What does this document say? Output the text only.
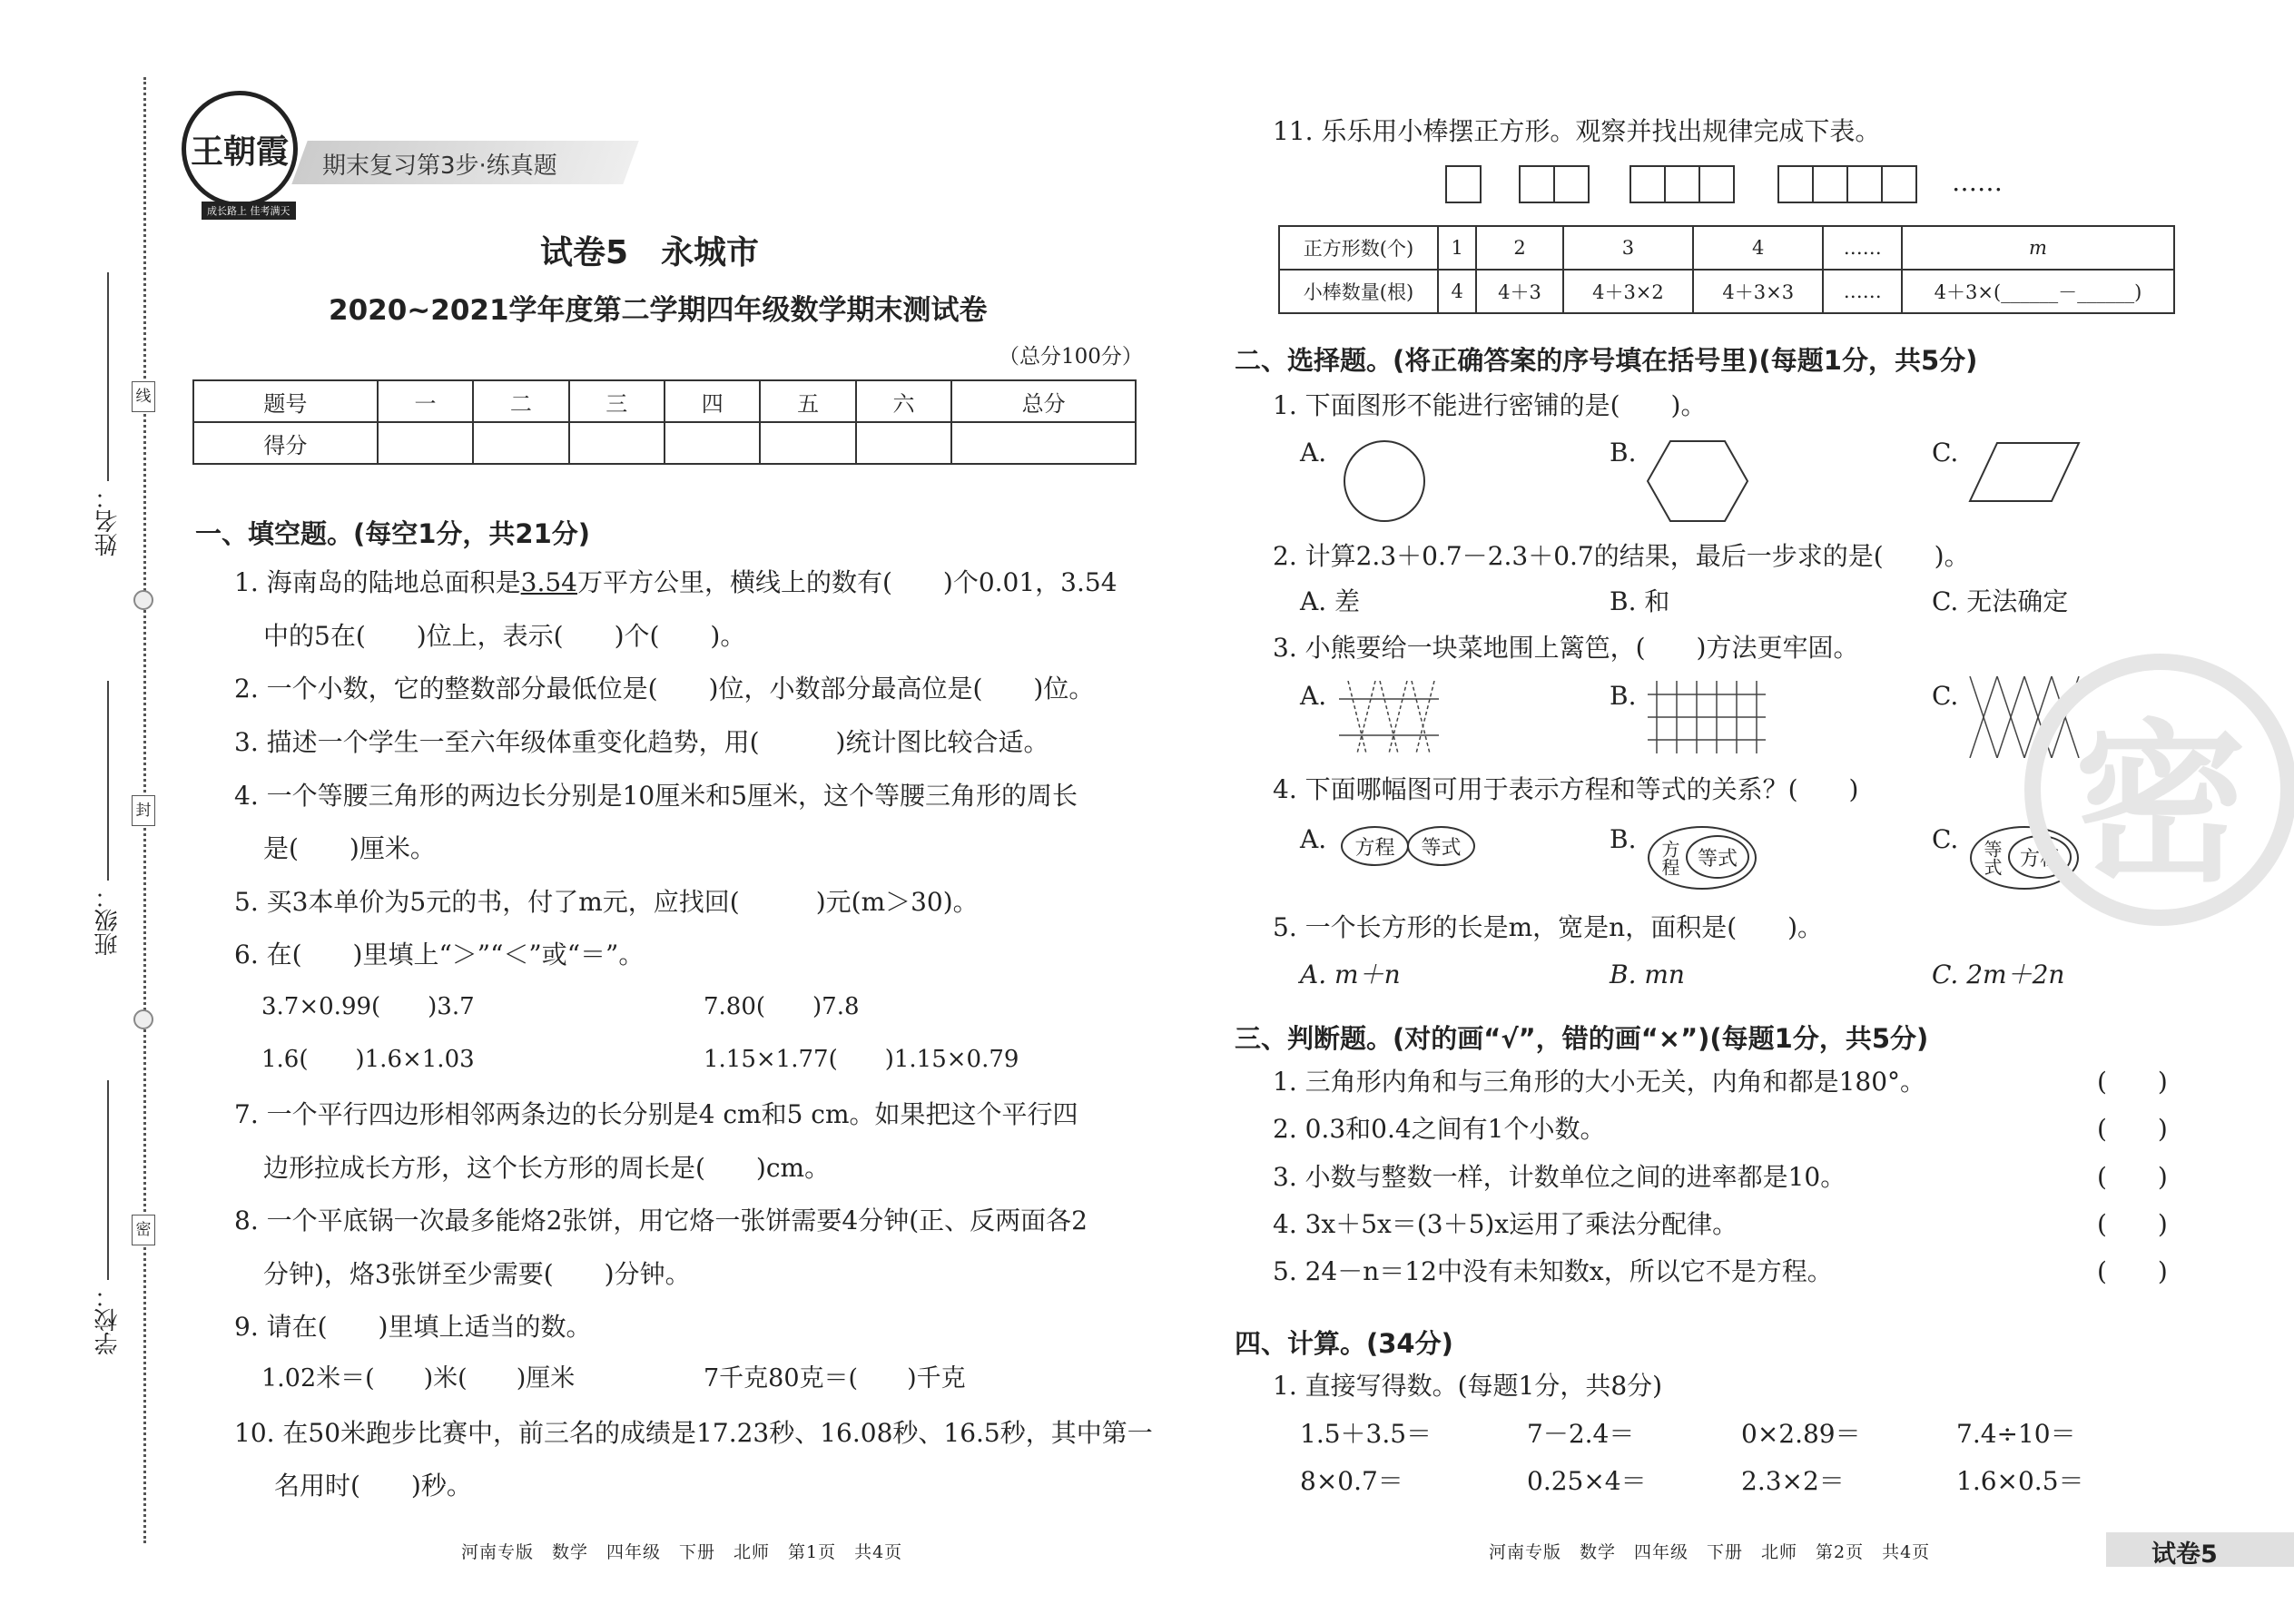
线
封
密
姓名：
班级：
学校：
王朝霞
成长路上 佳考满天
期末复习第3步·练真题
试卷5　永城市
2020~2021学年度第二学期四年级数学期末测试卷
（总分100分）
题号	一	二	三	四	五	六	总分
得分							
一、填空题。(每空1分，共21分)
1. 海南岛的陆地总面积是3.54万平方公里，横线上的数有(　　)个0.01，3.54
中的5在(　　)位上，表示(　　)个(　　)。
2. 一个小数，它的整数部分最低位是(　　)位，小数部分最高位是(　　)位。
3. 描述一个学生一至六年级体重变化趋势，用(　　　)统计图比较合适。
4. 一个等腰三角形的两边长分别是10厘米和5厘米，这个等腰三角形的周长
是(　　)厘米。
5. 买3本单价为5元的书，付了m元，应找回(　　　)元(m＞30)。
6. 在(　　)里填上“＞”“＜”或“＝”。
3.7×0.99(　　)3.7	7.80(　　)7.8
1.6(　　)1.6×1.03	1.15×1.77(　　)1.15×0.79
7. 一个平行四边形相邻两条边的长分别是4 cm和5 cm。如果把这个平行四
边形拉成长方形，这个长方形的周长是(　　)cm。
8. 一个平底锅一次最多能烙2张饼，用它烙一张饼需要4分钟(正、反两面各2
分钟)，烙3张饼至少需要(　　)分钟。
9. 请在(　　)里填上适当的数。
1.02米＝(　　)米(　　)厘米	7千克80克＝(　　)千克
10. 在50米跑步比赛中，前三名的成绩是17.23秒、16.08秒、16.5秒，其中第一
名用时(　　)秒。
河南专版　数学　四年级　下册　北师　第1页　共4页
11. 乐乐用小棒摆正方形。观察并找出规律完成下表。
……
正方形数(个)	1	2	3	4	……	m
小棒数量(根)	4	4＋3	4＋3×2	4＋3×3	……	4＋3×(______－______)
二、选择题。(将正确答案的序号填在括号里)(每题1分，共5分)
1. 下面图形不能进行密铺的是(　　)。
A.	B.	C.
2. 计算2.3＋0.7－2.3＋0.7的结果，最后一步求的是(　　)。
A. 差	B. 和	C. 无法确定
3. 小熊要给一块菜地围上篱笆，(　　)方法更牢固。
A.	B.	C.
4. 下面哪幅图可用于表示方程和等式的关系？(　　)
A.	B.	C.
方程	等式	方程 等式	等式 方程
5. 一个长方形的长是m，宽是n，面积是(　　)。
A. m＋n	B. mn	C. 2m＋2n
三、判断题。(对的画“√”，错的画“×”)(每题1分，共5分)
1. 三角形内角和与三角形的大小无关，内角和都是180°。	(　　)
2. 0.3和0.4之间有1个小数。	(　　)
3. 小数与整数一样，计数单位之间的进率都是10。	(　　)
4. 3x＋5x＝(3＋5)x运用了乘法分配律。	(　　)
5. 24－n＝12中没有未知数x，所以它不是方程。	(　　)
四、计算。(34分)
1. 直接写得数。(每题1分，共8分)
1.5＋3.5＝	7－2.4＝	0×2.89＝	7.4÷10＝
8×0.7＝	0.25×4＝	2.3×2＝	1.6×0.5＝
河南专版　数学　四年级　下册　北师　第2页　共4页	试卷5
密
